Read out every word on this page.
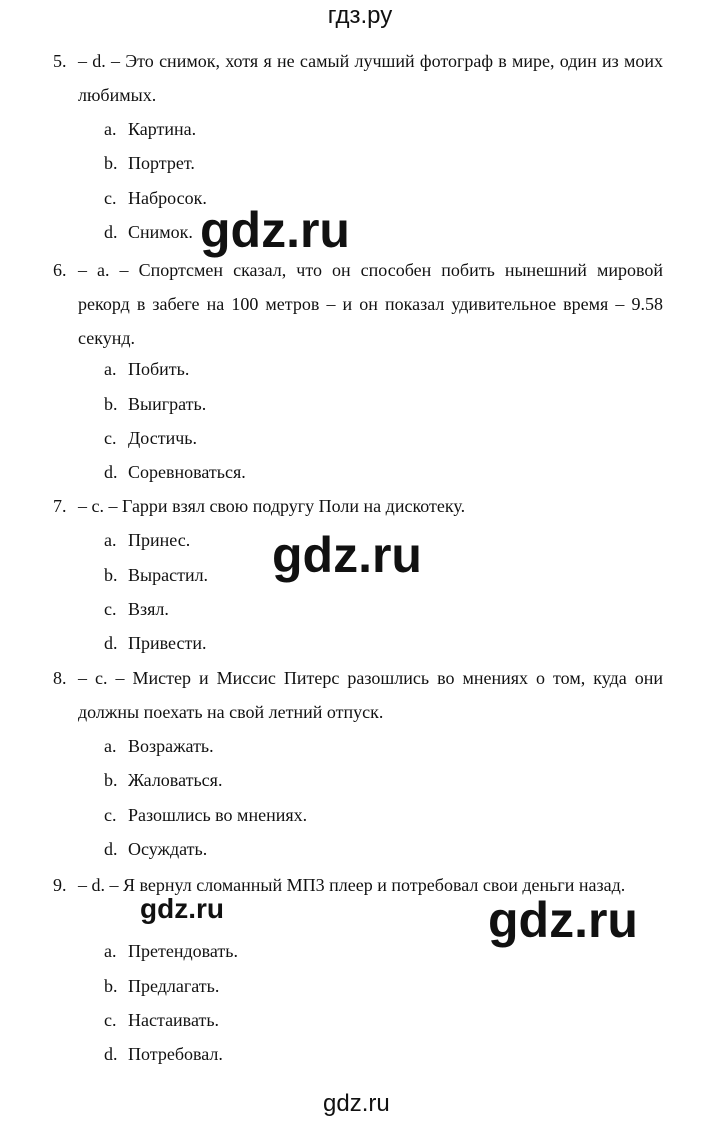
гдз.ру
5. – d. – Это снимок, хотя я не самый лучший фотограф в мире, один из моих любимых.
a. Картина.
b. Портрет.
c. Набросок.
d. Снимок.
6. – a. – Спортсмен сказал, что он способен побить нынешний мировой рекорд в забеге на 100 метров – и он показал удивительное время – 9.58 секунд.
a. Побить.
b. Выиграть.
c. Достичь.
d. Соревноваться.
7. – c. – Гарри взял свою подругу Поли на дискотеку.
a. Принес.
b. Вырастил.
c. Взял.
d. Привести.
8. – c. – Мистер и Миссис Питерс разошлись во мнениях о том, куда они должны поехать на свой летний отпуск.
a. Возражать.
b. Жаловаться.
c. Разошлись во мнениях.
d. Осуждать.
9. – d. – Я вернул сломанный МП3 плеер и потребовал свои деньги назад.
a. Претендовать.
b. Предлагать.
c. Настаивать.
d. Потребовал.
gdz.ru
gdz.ru
gdz.ru	gdz.ru
gdz.ru
